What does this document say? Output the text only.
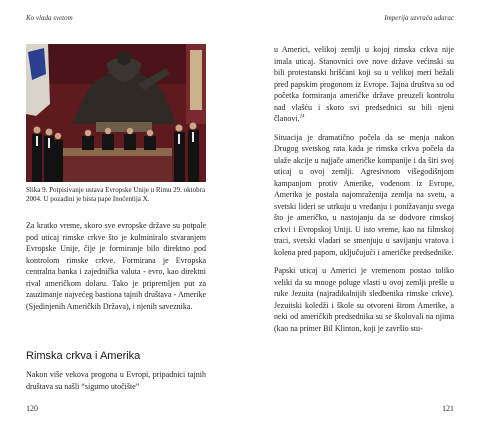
Ko vlada svetom
Slika 9. Potpisivanje ustava Evropske Unije u Rimu 29. oktobra 2004. U pozadini je bista pape Inoćentija X.

Za kratko vreme, skoro sve evropske države su potpale pod uticaj rimske crkve što je kulminiralo stvaranjem Evropske Unije, čije je formiranje bilo direktno pod kontrolom rimske crkve. Formirana je Evropska centralna banka i zajednička valuta - evro, kao direktni rival američkom dolaru. Tako je pripremljen put za zauzimanje najvećeg bastiona tajnih društava - Amerike (Sjedinjenih Američkih Država), i njenih saveznika.

Rimska crkva i Amerika

Nakon više vekova progona u Evropi, pripadnici tajnih društava su našli “sigurno utočište”

120
Imperija uzvraća udarac
121

u Americi, velikoj zemlji u kojoj rimska crkva nije imala uticaj. Stanovnici ove nove države većinski su bili protestanski hrišćani koji su u velikoj meri bežali pred papskim progonom iz Evrope. Tajna društva su od početka formiranja američke države preuzeli kontrolu nad vlašću i skoro svi predsednici su bili njeni članovi.$^{24}$

Situacija je dramatično počela da se menja nakon Drugog svetskog rata kada je rimska crkva počela da ulaže akcije u najjače američke kompanije i da širi svoj uticaj u ovoj zemlji. Agresivnom višegodišnjom kampanjom protiv Amerike, vođenom iz Evrope, Amerika je postala najomraženija zemlja na svetu, a svetski lideri se utrkuju u vređanju i ponižavanju svega što je američko, u nastojanju da se dodvore rimskoj crkvi i Evropskoj Uniji. U isto vreme, kao na filmskoj traci, svetski vladari se smenjuju u savijanju vratova i kolena pred papom, uključujući i američke predsednike.

Papski uticaj u Americi je vremenom postao toliko veliki da su mnoge poluge vlasti u ovoj zemlji prešle u ruke Jezuita (najradikalnijih sledbenika rimske crkve). Jezuitski koledži i škole su otvoreni širom Amerike, a neki od američkih predsednika su se školovali na njima (kao na primer Bil Klinton, koji je završio stu-
